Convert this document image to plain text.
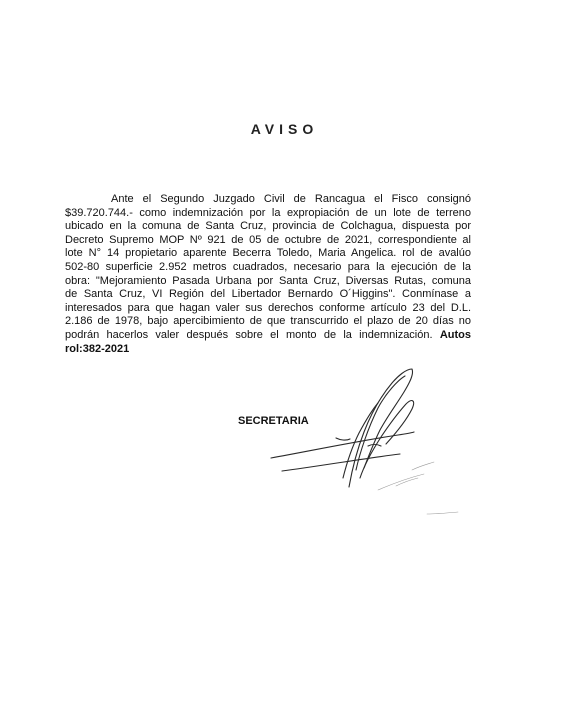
AVISO
Ante el Segundo Juzgado Civil de Rancagua el Fisco consignó
$39.720.744.- como indemnización por la expropiación de un lote de terreno
ubicado en la comuna de Santa Cruz, provincia de Colchagua, dispuesta por
Decreto Supremo MOP Nº 921 de 05 de octubre de 2021, correspondiente al
lote N° 14 propietario aparente Becerra Toledo, Maria Angelica. rol de avalúo
502-80 superficie 2.952 metros cuadrados, necesario para la ejecución de la
obra: "Mejoramiento Pasada Urbana por Santa Cruz, Diversas Rutas, comuna
de Santa Cruz, VI Región del Libertador Bernardo O´Higgins". Conmínase a
interesados para que hagan valer sus derechos conforme artículo 23 del D.L.
2.186 de 1978, bajo apercibimiento de que transcurrido el plazo de 20 días no
podrán hacerlos valer después sobre el monto de la indemnización. Autos
rol:382-2021
SECRETARIA
